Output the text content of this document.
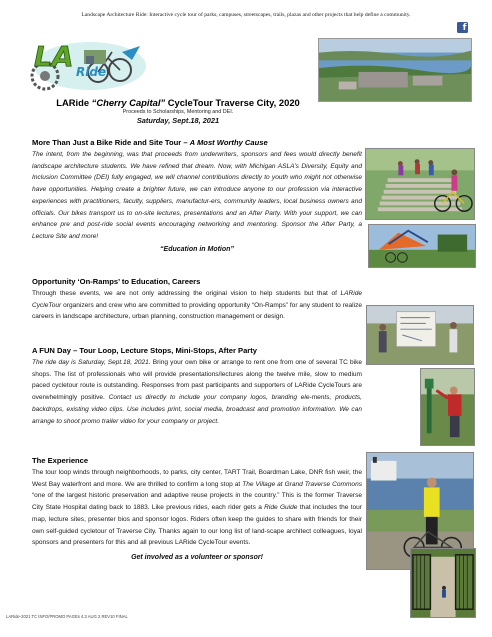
Landscape Architecture Ride: Interactive cycle tour of parks, campuses, streetscapes, trails, plazas and other projects that help define a community.
f
LA Ride
LARide “Cherry Capital” CycleTour Traverse City, 2020
Proceeds to Scholarships, Mentoring and DEI.
Saturday, Sept.18, 2021
More Than Just a Bike Ride and Site Tour – A Most Worthy Cause
The intent, from the beginning, was that proceeds from underwriters, sponsors and fees would directly benefit landscape architecture students. We have refined that dream. Now, with Michigan ASLA’s Diversity, Equity and Inclusion Committee (DEI) fully engaged, we will channel contributions directly to youth who might not otherwise have opportunities. Helping create a brighter future, we can introduce anyone to our profession via interactive experiences with practitioners, faculty, suppliers, manufactur-ers, community leaders, local business owners and officials. Our bikes transport us to on-site lectures, presentations and an After Party. With your support, we can enhance pre and post-ride social events encouraging networking and mentoring. Sponsor the After Party, a Lecture Site and more!
“Education in Motion”
Opportunity ‘On-Ramps’ to Education, Careers
Through these events, we are not only addressing the original vision to help students but that of LARide CycleTour organizers and crew who are committed to providing opportunity “On-Ramps” for any student to realize careers in landscape architecture, urban planning, construction management or design.
A FUN Day – Tour Loop, Lecture Stops, Mini-Stops, After Party
The ride day is Saturday, Sept.18, 2021. Bring your own bike or arrange to rent one from one of several TC bike shops. The list of professionals who will provide presentations/lectures along the twelve mile, slow to medium paced cycletour route is outstanding. Responses from past participants and supporters of LARide CycleTours are overwhelmingly positive. Contact us directly to include your company logos, branding ele-ments, products, backdrops, existing video clips. Use includes print, social media, broadcast and promotion information. We can arrange to shoot promo trailer video for your company or project.
The Experience
The tour loop winds through neighborhoods, to parks, city center, TART Trail, Boardman Lake, DNR fish weir, the West Bay waterfront and more. We are thrilled to confirm a long stop at The Village at Grand Traverse Commons “one of the largest historic preservation and adaptive reuse projects in the country.” This is the former Traverse City State Hospital dating back to 1883. Like previous rides, each rider gets a Ride Guide that includes the tour map, lecture sites, presenter bios and sponsor logos. Riders often keep the guides to share with friends for their own self-guided cycletour of Traverse City. Thanks again to our long list of land-scape architect colleagues, loyal sponsors and presenters for this and all previous LARide CycleTour events.
Get involved as a volunteer or sponsor!
LARide-2021 TC INFO/PROMO PAGEs 4.3 AUG 2 REV10 FINAL
